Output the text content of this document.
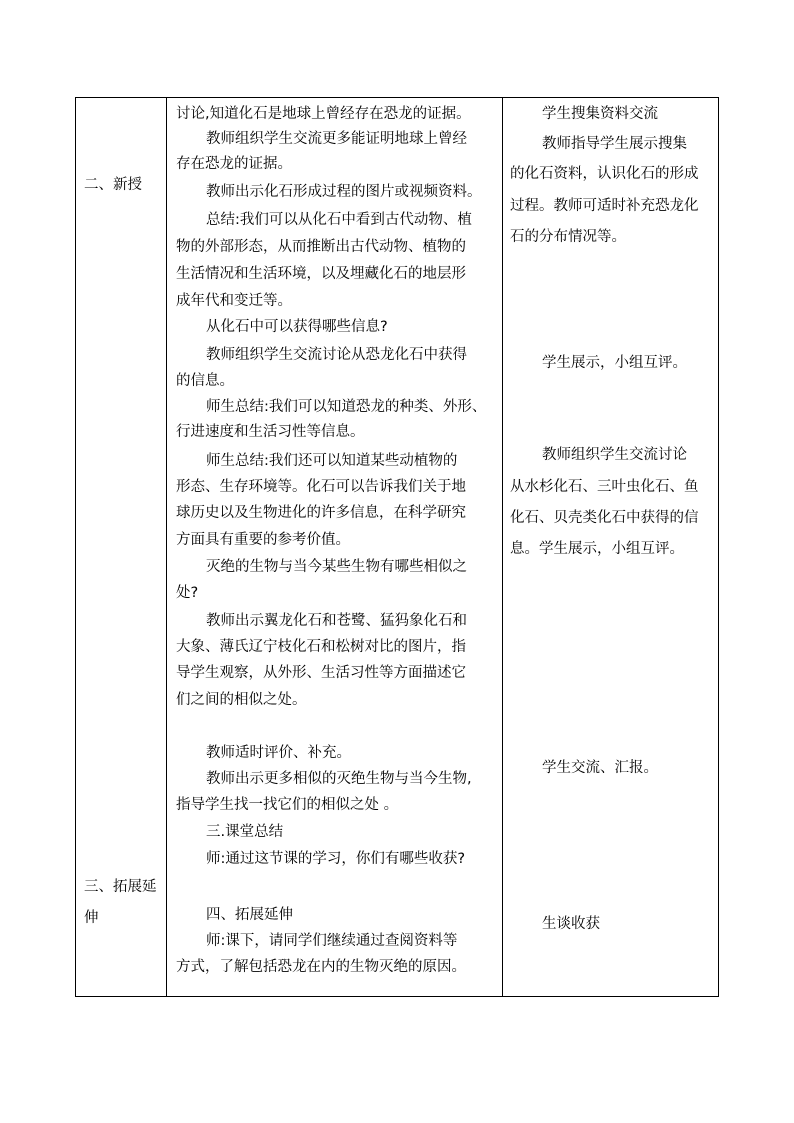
二、新授
三、拓展延
伸
讨论,知道化石是地球上曾经存在恐龙的证据。
教师组织学生交流更多能证明地球上曾经
存在恐龙的证据。
教师出示化石形成过程的图片或视频资料。
总结:我们可以从化石中看到古代动物、植
物的外部形态，从而推断出古代动物、植物的
生活情况和生活环境，以及埋藏化石的地层形
成年代和变迁等。
从化石中可以获得哪些信息?
教师组织学生交流讨论从恐龙化石中获得
的信息。
师生总结:我们可以知道恐龙的种类、外形、
行进速度和生活习性等信息。
师生总结:我们还可以知道某些动植物的
形态、生存环境等。化石可以告诉我们关于地
球历史以及生物进化的许多信息，在科学研究
方面具有重要的参考价值。
灭绝的生物与当今某些生物有哪些相似之
处?
教师出示翼龙化石和苍鹭、猛犸象化石和
大象、薄氏辽宁枝化石和松树对比的图片，指
导学生观察，从外形、生活习性等方面描述它
们之间的相似之处。
教师适时评价、补充。
教师出示更多相似的灭绝生物与当今生物,
指导学生找一找它们的相似之处 。
三.课堂总结
师:通过这节课的学习，你们有哪些收获?
四、拓展延伸
师:课下，请同学们继续通过查阅资料等
方式，了解包括恐龙在内的生物灭绝的原因。
学生搜集资料交流
教师指导学生展示搜集
的化石资料，认识化石的形成
过程。教师可适时补充恐龙化
石的分布情况等。
学生展示，小组互评。
教师组织学生交流讨论
从水杉化石、三叶虫化石、鱼
化石、贝壳类化石中获得的信
息。学生展示，小组互评。
学生交流、汇报。
生谈收获
